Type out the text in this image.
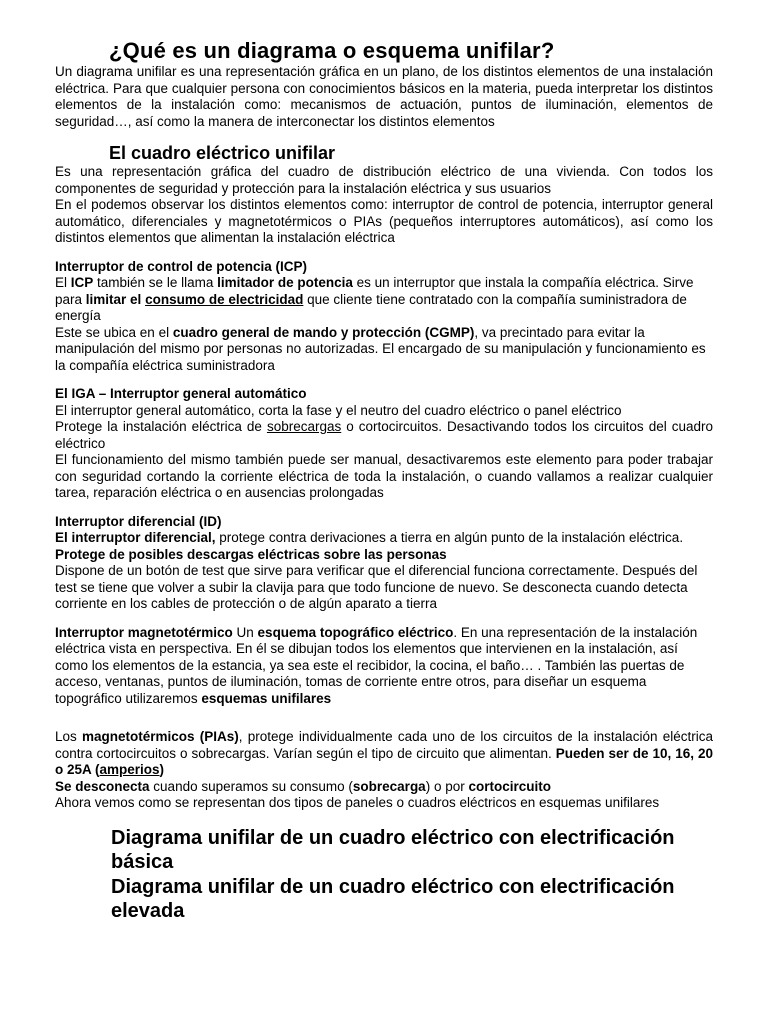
¿Qué es un diagrama o esquema unifilar?

Un diagrama unifilar es una representación gráfica en un plano, de los distintos elementos de una instalación eléctrica. Para que cualquier persona con conocimientos básicos en la materia, pueda interpretar los distintos elementos de la instalación como: mecanismos de actuación, puntos de iluminación, elementos de seguridad…, así como la manera de interconectar los distintos elementos

El cuadro eléctrico unifilar

Es una representación gráfica del cuadro de distribución eléctrico de una vivienda. Con todos los componentes de seguridad y protección para la instalación eléctrica y sus usuarios

En el podemos observar los distintos elementos como: interruptor de control de potencia, interruptor general automático, diferenciales y magnetotérmicos o PIAs (pequeños interruptores automáticos), así como los distintos elementos que alimentan la instalación eléctrica

Interruptor de control de potencia (ICP)

El ICP también se le llama limitador de potencia es un interruptor que instala la compañía eléctrica. Sirve para limitar el consumo de electricidad que cliente tiene contratado con la compañía suministradora de energía

Este se ubica en el cuadro general de mando y protección (CGMP), va precintado para evitar la manipulación del mismo por personas no autorizadas. El encargado de su manipulación y funcionamiento es la compañía eléctrica suministradora

El IGA – Interruptor general automático

El interruptor general automático, corta la fase y el neutro del cuadro eléctrico o panel eléctrico

Protege la instalación eléctrica de sobrecargas o cortocircuitos. Desactivando todos los circuitos del cuadro eléctrico

El funcionamiento del mismo también puede ser manual, desactivaremos este elemento para poder trabajar con seguridad cortando la corriente eléctrica de toda la instalación, o cuando vallamos a realizar cualquier tarea, reparación eléctrica o en ausencias prolongadas

Interruptor diferencial (ID)

El interruptor diferencial, protege contra derivaciones a tierra en algún punto de la instalación eléctrica. Protege de posibles descargas eléctricas sobre las personas

Dispone de un botón de test que sirve para verificar que el diferencial funciona correctamente. Después del test se tiene que volver a subir la clavija para que todo funcione de nuevo. Se desconecta cuando detecta corriente en los cables de protección o de algún aparato a tierra

Interruptor magnetotérmico Un esquema topográfico eléctrico. En una representación de la instalación eléctrica vista en perspectiva. En él se dibujan todos los elementos que intervienen en la instalación, así como los elementos de la estancia, ya sea este el recibidor, la cocina, el baño… . También las puertas de acceso, ventanas, puntos de iluminación, tomas de corriente entre otros, para diseñar un esquema topográfico utilizaremos esquemas unifilares

Los magnetotérmicos (PIAs), protege individualmente cada uno de los circuitos de la instalación eléctrica contra cortocircuitos o sobrecargas. Varían según el tipo de circuito que alimentan. Pueden ser de 10, 16, 20 o 25A (amperios)

Se desconecta cuando superamos su consumo (sobrecarga) o por cortocircuito

Ahora vemos como se representan dos tipos de paneles o cuadros eléctricos en esquemas unifilares

Diagrama unifilar de un cuadro eléctrico con electrificación básica
Diagrama unifilar de un cuadro eléctrico con electrificación elevada
